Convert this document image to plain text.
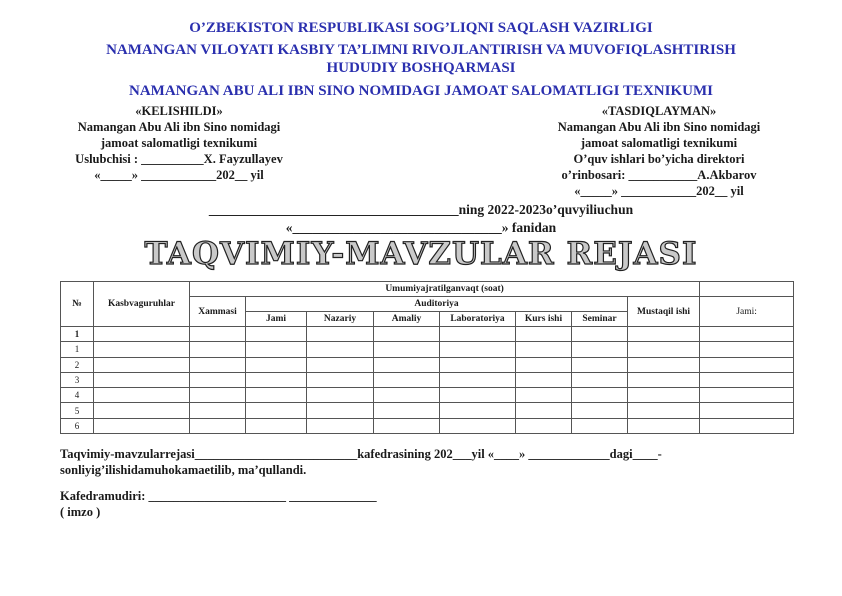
O’ZBEKISTON RESPUBLIKASI SOG’LIQNI SAQLASH VAZIRLIGI
NAMANGAN VILOYATI KASBIY TA’LIMNI RIVOJLANTIRISH VA MUVOFIQLASHTIRISH
HUDUDIY BOSHQARMASI
NAMANGAN ABU ALI IBN SINO NOMIDAGI JAMOAT SALOMATLIGI TEXNIKUMI
«KELISHILDI»
Namangan Abu Ali ibn Sino nomidagi
jamoat salomatligi texnikumi
Uslubchisi : __________X. Fayzullayev
«_____» ____________202__ yil
«TASDIQLAYMAN»
Namangan Abu Ali ibn Sino nomidagi
jamoat salomatligi texnikumi
O’quv ishlari bo’yicha direktori
o’rinbosari: ___________A.Akbarov
«_____» ____________202__ yil
_____________________________________ning 2022-2023o’quvyiliuchun
«_______________________________» fanidan
TAQVIMIY-MAVZULAR REJASI
№	Kasbvaguruhlar	Umumiyajratilganvaqt (soat)								
		Xammasi	Auditoriya						Mustaqil ishi	Jami:
			Jami	Nazariy	Amaliy	Laboratoriya	Kurs ishi	Seminar		
1										
1										
2										
3										
4										
5										
6										
Taqvimiy-mavzularrejasi__________________________kafedrasining 202___yil «____» _____________dagi____-
sonliyig’ilishidamuhokamaetilib, ma’qullandi.
Kafedramudiri: ______________________ ______________
( imzo )
